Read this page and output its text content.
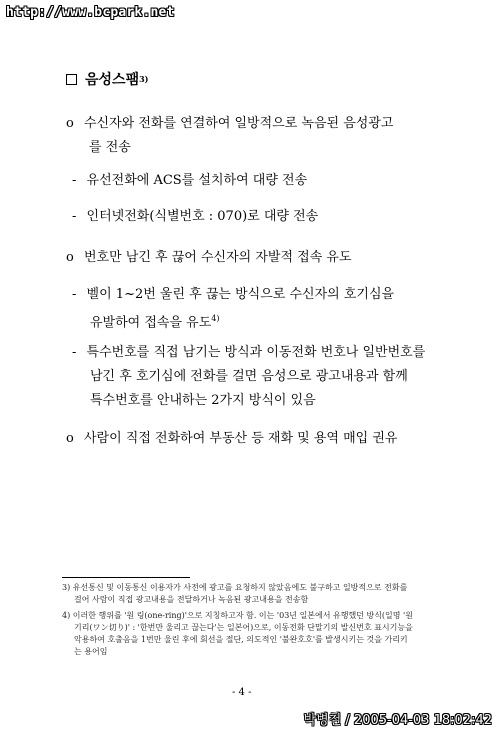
http://www.bcpark.net
음성스팸 3)
o 수신자와 전화를 연결하여 일방적으로 녹음된 음성광고
를 전송
- 유선전화에 ACS를 설치하여 대량 전송
- 인터넷전화(식별번호 : 070)로 대량 전송
o 번호만 남긴 후 끊어 수신자의 자발적 접속 유도
- 벨이 1~2번 울린 후 끊는 방식으로 수신자의 호기심을
유발하여 접속을 유도$^{4)}$
- 특수번호를 직접 남기는 방식과 이동전화 번호나 일반번호를
남긴 후 호기심에 전화를 걸면 음성으로 광고내용과 함께
특수번호를 안내하는 2가지 방식이 있음
o 사람이 직접 전화하여 부동산 등 재화 및 용역 매입 권유
3) 유선통신 및 이동통신 이용자가 사전에 광고를 요청하지 않았음에도 불구하고 일방적으로 전화를
걸어 사람이 직접 광고내용을 전달하거나 녹음된 광고내용을 전송함
4) 이러한 행위를 '원 링(one-ring)'으로 지칭하고자 함. 이는 '03년 일본에서 유행했던 방식(일명 '원
기리(ワン切り)' : '한번만 울리고 끊는다'는 일본어)으로, 이동전화 단말기의 발신번호 표시기능을
악용하여 호출음을 1번만 울린 후에 회선을 절단, 의도적인 '불완호호'를 발생시키는 것을 가리키
는 용어임
- 4 -
박병철 / 2005-04-03 18:02:42
